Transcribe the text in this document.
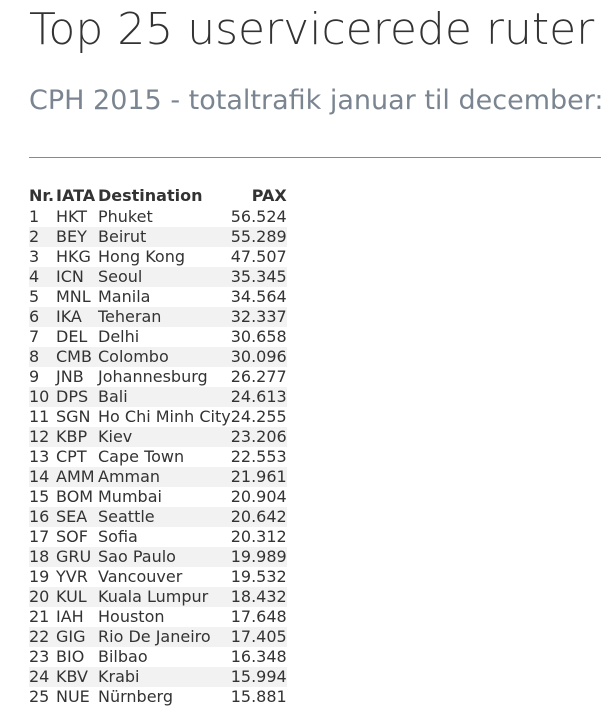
Top 25 uservicerede ruter
CPH 2015 - totaltrafik januar til december:
Nr.	IATA	Destination	PAX
1	HKT	Phuket	56.524
2	BEY	Beirut	55.289
3	HKG	Hong Kong	47.507
4	ICN	Seoul	35.345
5	MNL	Manila	34.564
6	IKA	Teheran	32.337
7	DEL	Delhi	30.658
8	CMB	Colombo	30.096
9	JNB	Johannesburg	26.277
10	DPS	Bali	24.613
11	SGN	Ho Chi Minh City	24.255
12	KBP	Kiev	23.206
13	CPT	Cape Town	22.553
14	AMM	Amman	21.961
15	BOM	Mumbai	20.904
16	SEA	Seattle	20.642
17	SOF	Sofia	20.312
18	GRU	Sao Paulo	19.989
19	YVR	Vancouver	19.532
20	KUL	Kuala Lumpur	18.432
21	IAH	Houston	17.648
22	GIG	Rio De Janeiro	17.405
23	BIO	Bilbao	16.348
24	KBV	Krabi	15.994
25	NUE	Nürnberg	15.881
